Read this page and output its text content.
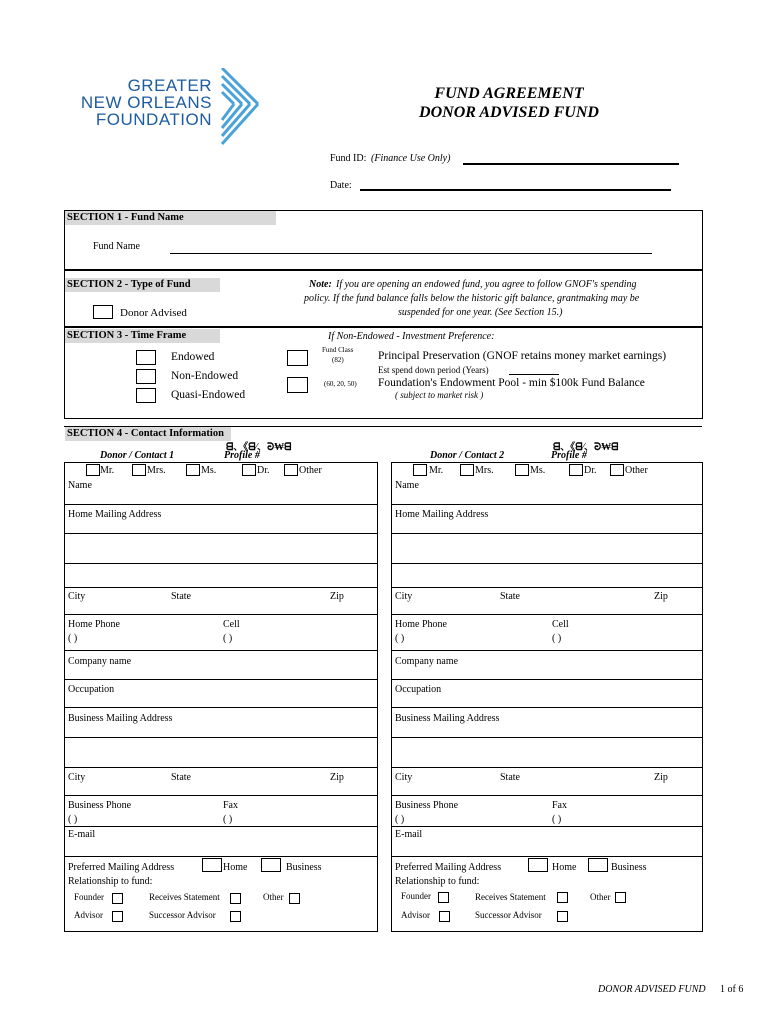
GREATER
NEW ORLEANS
FOUNDATION
FUND AGREEMENT
DONOR ADVISED FUND
Fund ID: (Finance Use Only)
Date:
SECTION 1 - Fund Name
Fund Name
SECTION 2 - Type of Fund
Donor Advised
Note: If you are opening an endowed fund, you agree to follow GNOF's spending
policy. If the fund balance falls below the historic gift balance, grantmaking may be
suspended for one year. (See Section 15.)
SECTION 3 - Time Frame
Endowed
Non-Endowed
Quasi-Endowed
If Non-Endowed - Investment Preference:
Fund Class
(82)	Principal Preservation (GNOF retains money market earnings)
Est spend down period (Years)
(60, 20, 50) Foundation's Endowment Pool - min $100k Fund Balance
( subject to market risk )
SECTION 4 - Contact Information
ᗺ、《ᗺ⁄、ᘒ₩ᗺ
Donor / Contact 1	Profile #
Mr.	Mrs.	Ms.	Dr.	Other
Name
Home Mailing Address
City	State	Zip
Home Phone
( )
Cell
( )
Company name
Occupation
Business Mailing Address
City	State	Zip
Business Phone
( )
Fax
( )
E-mail
Preferred Mailing Address	Home	Business
Relationship to fund:
Founder	Receives Statement	Other
Advisor	Successor Advisor
ᗺ、《ᗺ⁄、ᘒ₩ᗺ
Donor / Contact 2	Profile #
Mr.	Mrs.	Ms.	Dr.	Other
Name
Home Mailing Address
City	State	Zip
Home Phone
( )
Cell
( )
Company name
Occupation
Business Mailing Address
City	State	Zip
Business Phone
( )
Fax
( )
E-mail
Preferred Mailing Address	Home	Business
Relationship to fund:
Founder	Receives Statement	Other
Advisor	Successor Advisor
DONOR ADVISED FUND 1 of 6
